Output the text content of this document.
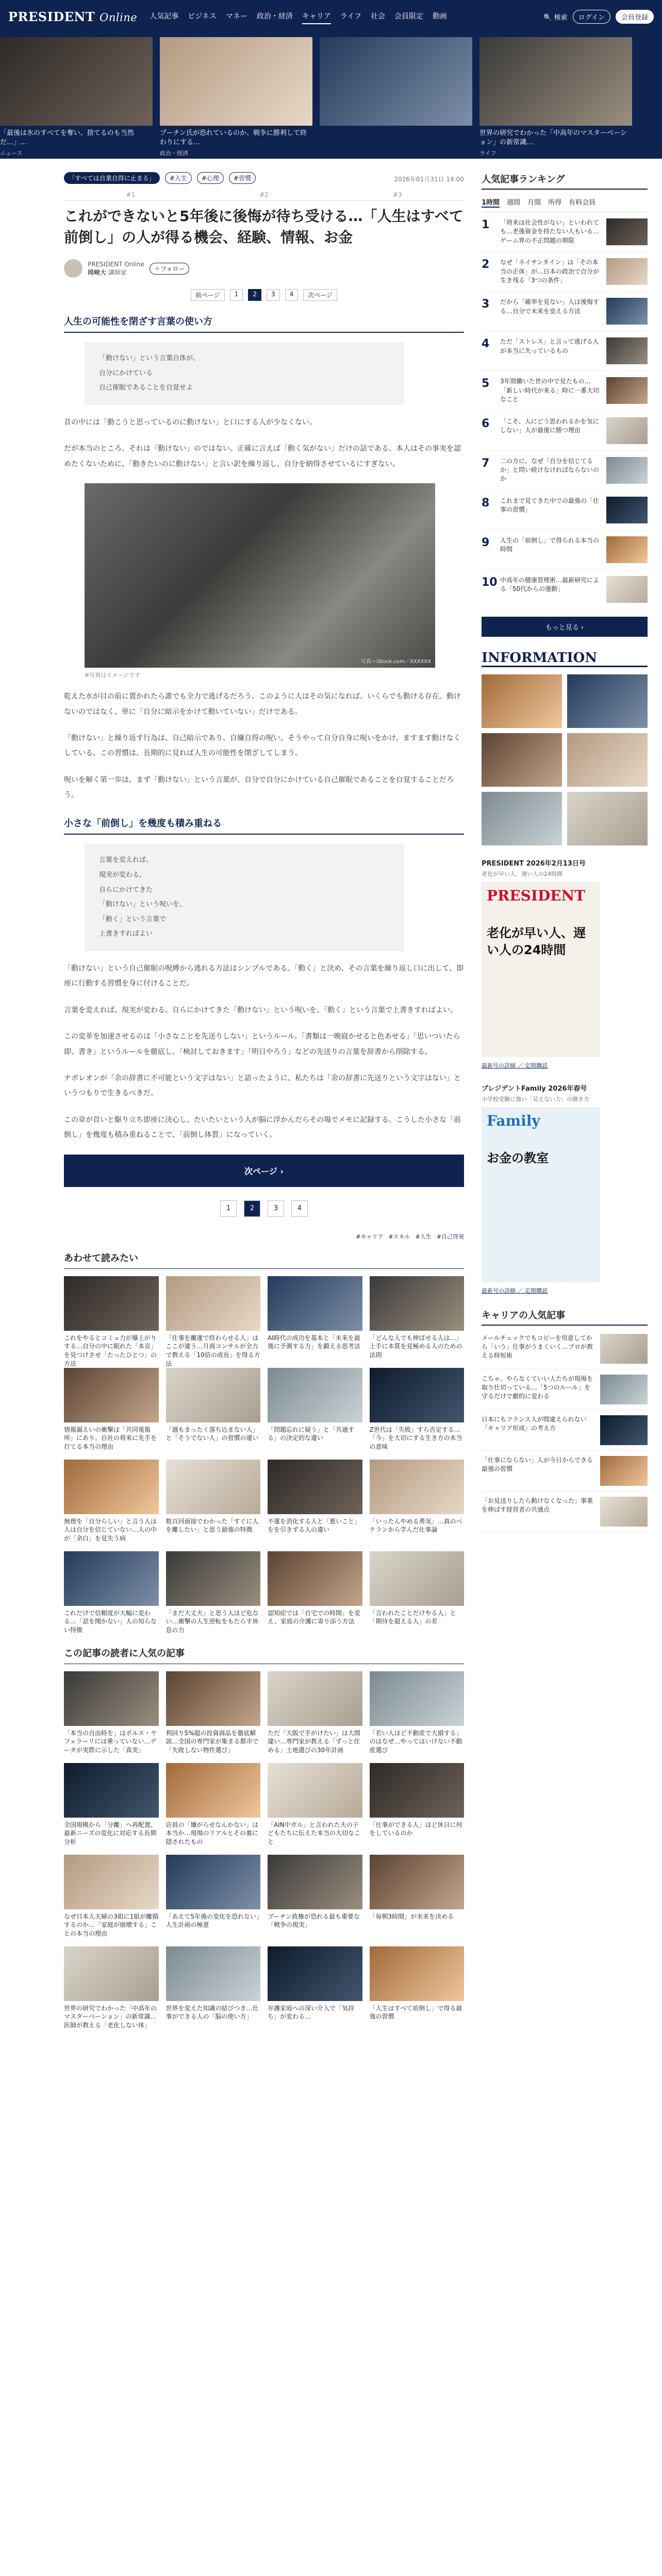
PRESIDENT Online 人気記事 ビジネス マネー 政治・経済 キャリア ライフ 社会 会員限定 動画	🔍 検索	ログイン	会員登録

「最後は氷のすべてを奪い、捨てるのも当然だ…」…

ニュース

プーチン氏が恐れているのか、戦争に勝利して終わりにする…

政治・経済

世界の研究でわかった「中高年のマスターベーション」の新常識…

ライフ
「すべては自業自得に止まる」	#人生	#心理	#習慣	2026年01月31日 14:00
#1	#2	#3
これができないと5年後に後悔が待ち受ける…「人生はすべて前倒し」の人が得る機会、経験、情報、お金
PRESIDENT Online
岡崎大 講師家	＋フォロー
前ページ	1	2	3	4	次ページ
人生の可能性を閉ざす言葉の使い方
「動けない」という言葉自体が、
自分にかけている
自己催眠であることを自覚せよ

昔の中には「動こうと思っているのに動けない」と口にする人が少なくない。

だが本当のところ、それは「動けない」のではない。正確に言えば「動く気がない」だけの話である。本人はその事実を認めたくないために、「動きたいのに動けない」と言い訳を繰り返し、自分を納得させているにすぎない。

写真＝iStock.com／XXXXXX
※写真はイメージです

乾えた水が目の前に置かれたら誰でも全力で逃げるだろう。このように人はその気になれば、いくらでも動ける存在。動けないのではなく、単に「自分に暗示をかけて動いていない」だけである。

「動けない」と繰り返す行為は、自己暗示であり、自嫌自得の呪い。そうやって自分自身に呪いをかけ、ますます動けなくしている。この習慣は、長期的に見れば人生の可能性を閉ざしてしまう。

呪いを解く第一歩は、まず「動けない」という言葉が、自分で自分にかけている自己催眠であることを自覚することだろう。

小さな「前倒し」を幾度も積み重ねる
言葉を変えれば、
現実が変わる。
自らにかけてきた
「動けない」という呪いを、
「動く」という言葉で
上書きすればよい

「動けない」という自己催眠の呪縛から逃れる方法はシンプルである。「動く」と決め、その言葉を繰り返し口に出して、即座に行動する習慣を身に付けることだ。

言葉を変えれば、現実が変わる。自らにかけてきた「動けない」という呪いを、「動く」という言葉で上書きすればよい。

この変革を加速させるのは「小さなことを先送りしない」というルール。「書類は一晩寝かせると色あせる」「思いついたら即、書き」というルールを徹底し、「検討しておきます」「明日やろう」などの先送りの言葉を辞書から削除する。

ナポレオンが「余の辞書に不可能という文字はない」と語ったように、私たちは「余の辞書に先送りという文字はない」というつもりで生きるべきだ。

この章が首いと駆り立ち即座に決心し、たいたいという人が脳に浮かんだらその場でメモに記録する。こうした小さな「前倒し」を幾度も積み重ねることで、「前倒し体質」になっていく。

次ページ ›
1	2	3	4
#キャリア #スキル #人生 #自己啓発
あわせて読みたい

これをやるとコミュ力が爆上がりする…自分の中に眠れた「本音」を見つけさせ「たったひとつ」の方法

「仕事を離運で終わらせる人」はここが違う…月商コンサルが全力で教える「10倍の成長」を得る方法

AI時代の成功を基本と「未来を最後に予測する力」を鍛える思考法

「どんな人でも伸ばせる人は…」上手に本質を見極める人のための法則

情報漏えいの衝撃は「共同電報所」にあり。自社の将来に先手を打てる本当の理由

「週もまったく落ち込まない人」と「そうでない人」の習慣の違い

「問題忘れに疑う」と「共通する」の決定的な違い

Z世代は「失敗」すら否定する…「今」を大切にする生き方の本当の意味

無理を「自分らしい」と言う人は人は自分を信じていない…人の中が「余白」を見失う病

数百回面接でわかった「すぐに人を離したい」と思う最強の特徴

不運を消化する人と「悪いこと」をを引きずる人の違い

「いったんやめる勇気」…真のベテランから学んだ仕事論

これだけで信頼度が大幅に変わる…「話を聞かない」人の知らない特徴

「まだ大丈夫」と思う人ほど危ない…衝撃の人生逆転をもたらす休息の力

認知症では「自宅での時間」を変え、家庭の介護に寄り添う方法

「言われたことだけやる人」と「期待を超える人」の差

この記事の読者に人気の記事

「本当の自由時を」はボルエ・ヤフェラーリには乗っていない…データが実際に示した「真実」

利回り5%超の投資商品を徹底解説…全国の専門家が集まる都市で「失敗しない物件選び」

ただ「大阪で手がけたい」は大間違い…専門家が教える「ずっと住める」土地選びの30年計画

「若い人ほど不動産で大損する」のはなぜ…やってはいけない不動産選び

全国規模から「分離」へ再配置、最新ニーズの変化に対応する長期分析

店員の「嫌がらせなんかない」は本当か…現場のリアルとその裏に隠されたもの

「AIN中ガル」と言われた夫の子どもたちに伝えた本当の大切なこと

「仕事ができる人」ほど休日に何をしているのか

なぜ日本人夫婦の3組に1組が離婚するのか…「家庭が崩壊する」ことの本当の理由

「あえて5年後の変化を恐れない」人生計画の極意

プーチン政権が恐れる最も重要な「戦争の現実」

「毎朝3時間」が未来を決める

世界の研究でわかった「中高年のマスターベーション」の新常識…医師が教える「老化しない体」

世界を変えた知識の結びつき…仕事ができる人の「脳の使い方」

弁護家庭への深い介入で「気持ち」が変わる…

「人生はすべて前倒し」で得る最強の習慣

人気記事ランキング
1時間 週間 月間 所得 有料会員
1	「将来は社会性がない」といわれても…老後資金を持たない人もいる…ゲーム界の不正問題の期限
2	なぜ「ネイサンタイン」は「その本当の正体」が…日本の政治で自分が生き残る「3つの条件」
3	だから「確率を見ない」人は後悔する…自分で未来を変える方法
4	ただ「ストレス」と言って逃げる人が本当に失っているもの
5	3年間働いた世の中で見たもの…「新しい時代が来る」時に一番大切なこと
6	「こそ、人にどう思われるかを気にしない」人が最後に勝つ理由
7	二の方に、なぜ「自分を信じてるか」と問い続けなければならないのか
8	これまで見てきた中での最強の「仕事の習慣」
9	人生の「前倒し」で得られる本当の時間
10 中高年の健康管理術…最新研究による「50代からの運動」
もっと見る ›
INFORMATION
PRESIDENT 2026年2月13日号
老化が早い人、遅い人の24時間
PRESIDENT
老化が早い人、遅い人の24時間
最新号の詳細 ／ 定期購読
プレジデントFamily 2026年春号
小学校受験に強い「見えない力」の磨き方
Family
お金の教室
最新号の詳細 ／ 定期購読
キャリアの人気記事

メールチェックでもコピーを用意してから「いう」仕事がうまくいく…プロが教える時短術

こちゃ、やらなくていい人たちが現場を取り仕切っている…「5つのルール」を守るだけで劇的に変わる

日本にもフランス人が間違えられない「キャリア形成」の考え方

「仕事にならない」人が今日からできる最強の習慣

「お見送りしたら動けなくなった」事業を伸ばす経営者の共通点
